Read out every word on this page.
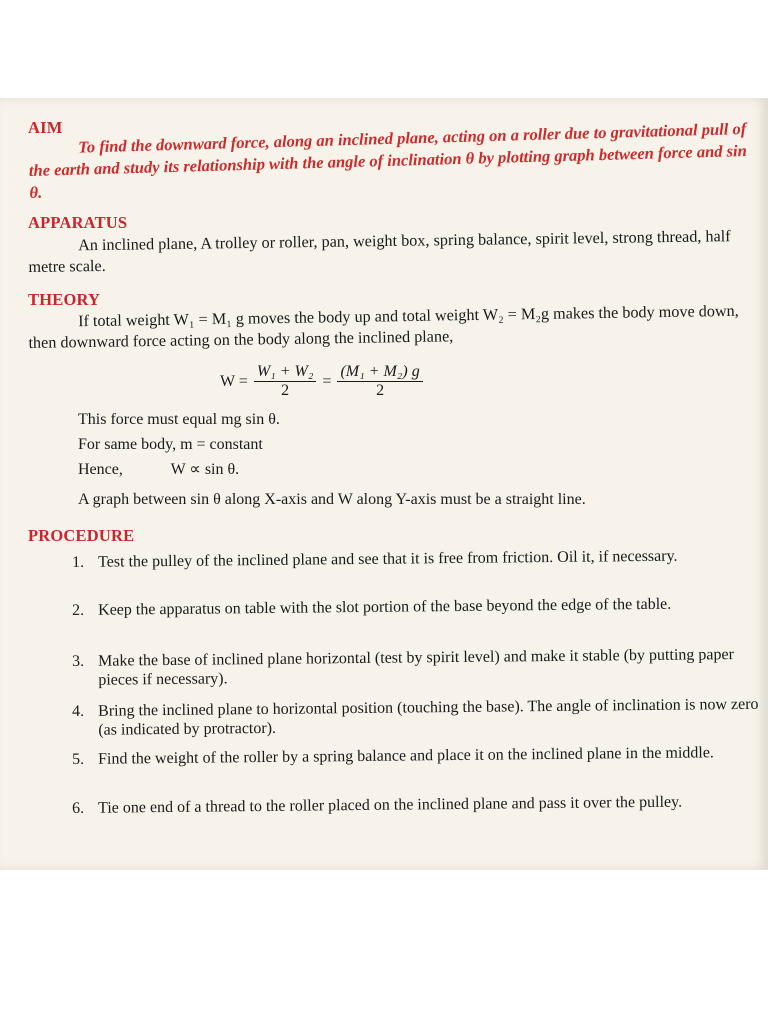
AIM To find the downward force, along an inclined plane, acting on a roller due to gravitational pull of the earth and study its relationship with the angle of inclination θ by plotting graph between force and sin θ.
APPARATUS
An inclined plane, A trolley or roller, pan, weight box, spring balance, spirit level, strong thread, half metre scale.
THEORY
If total weight W₁ = M₁ g moves the body up and total weight W₂ = M₂g makes the body move down, then downward force acting on the body along the inclined plane,
$W = \frac{\text{W₁ + W₂}}{2} = \frac{\text{(M₁ + M₂) g}}{2}$
This force must equal mg sin θ.
For same body, m = constant
Hence,	W ∝ sin θ.
A graph between sin θ along X-axis and W along Y-axis must be a straight line.
PROCEDURE
1. Test the pulley of the inclined plane and see that it is free from friction. Oil it, if necessary.
2. Keep the apparatus on table with the slot portion of the base beyond the edge of the table.
3. Make the base of inclined plane horizontal (test by spirit level) and make it stable (by putting paper pieces if necessary).
4. Bring the inclined plane to horizontal position (touching the base). The angle of inclination is now zero (as indicated by protractor).
5. Find the weight of the roller by a spring balance and place it on the inclined plane in the middle.
6. Tie one end of a thread to the roller placed on the inclined plane and pass it over the pulley.
